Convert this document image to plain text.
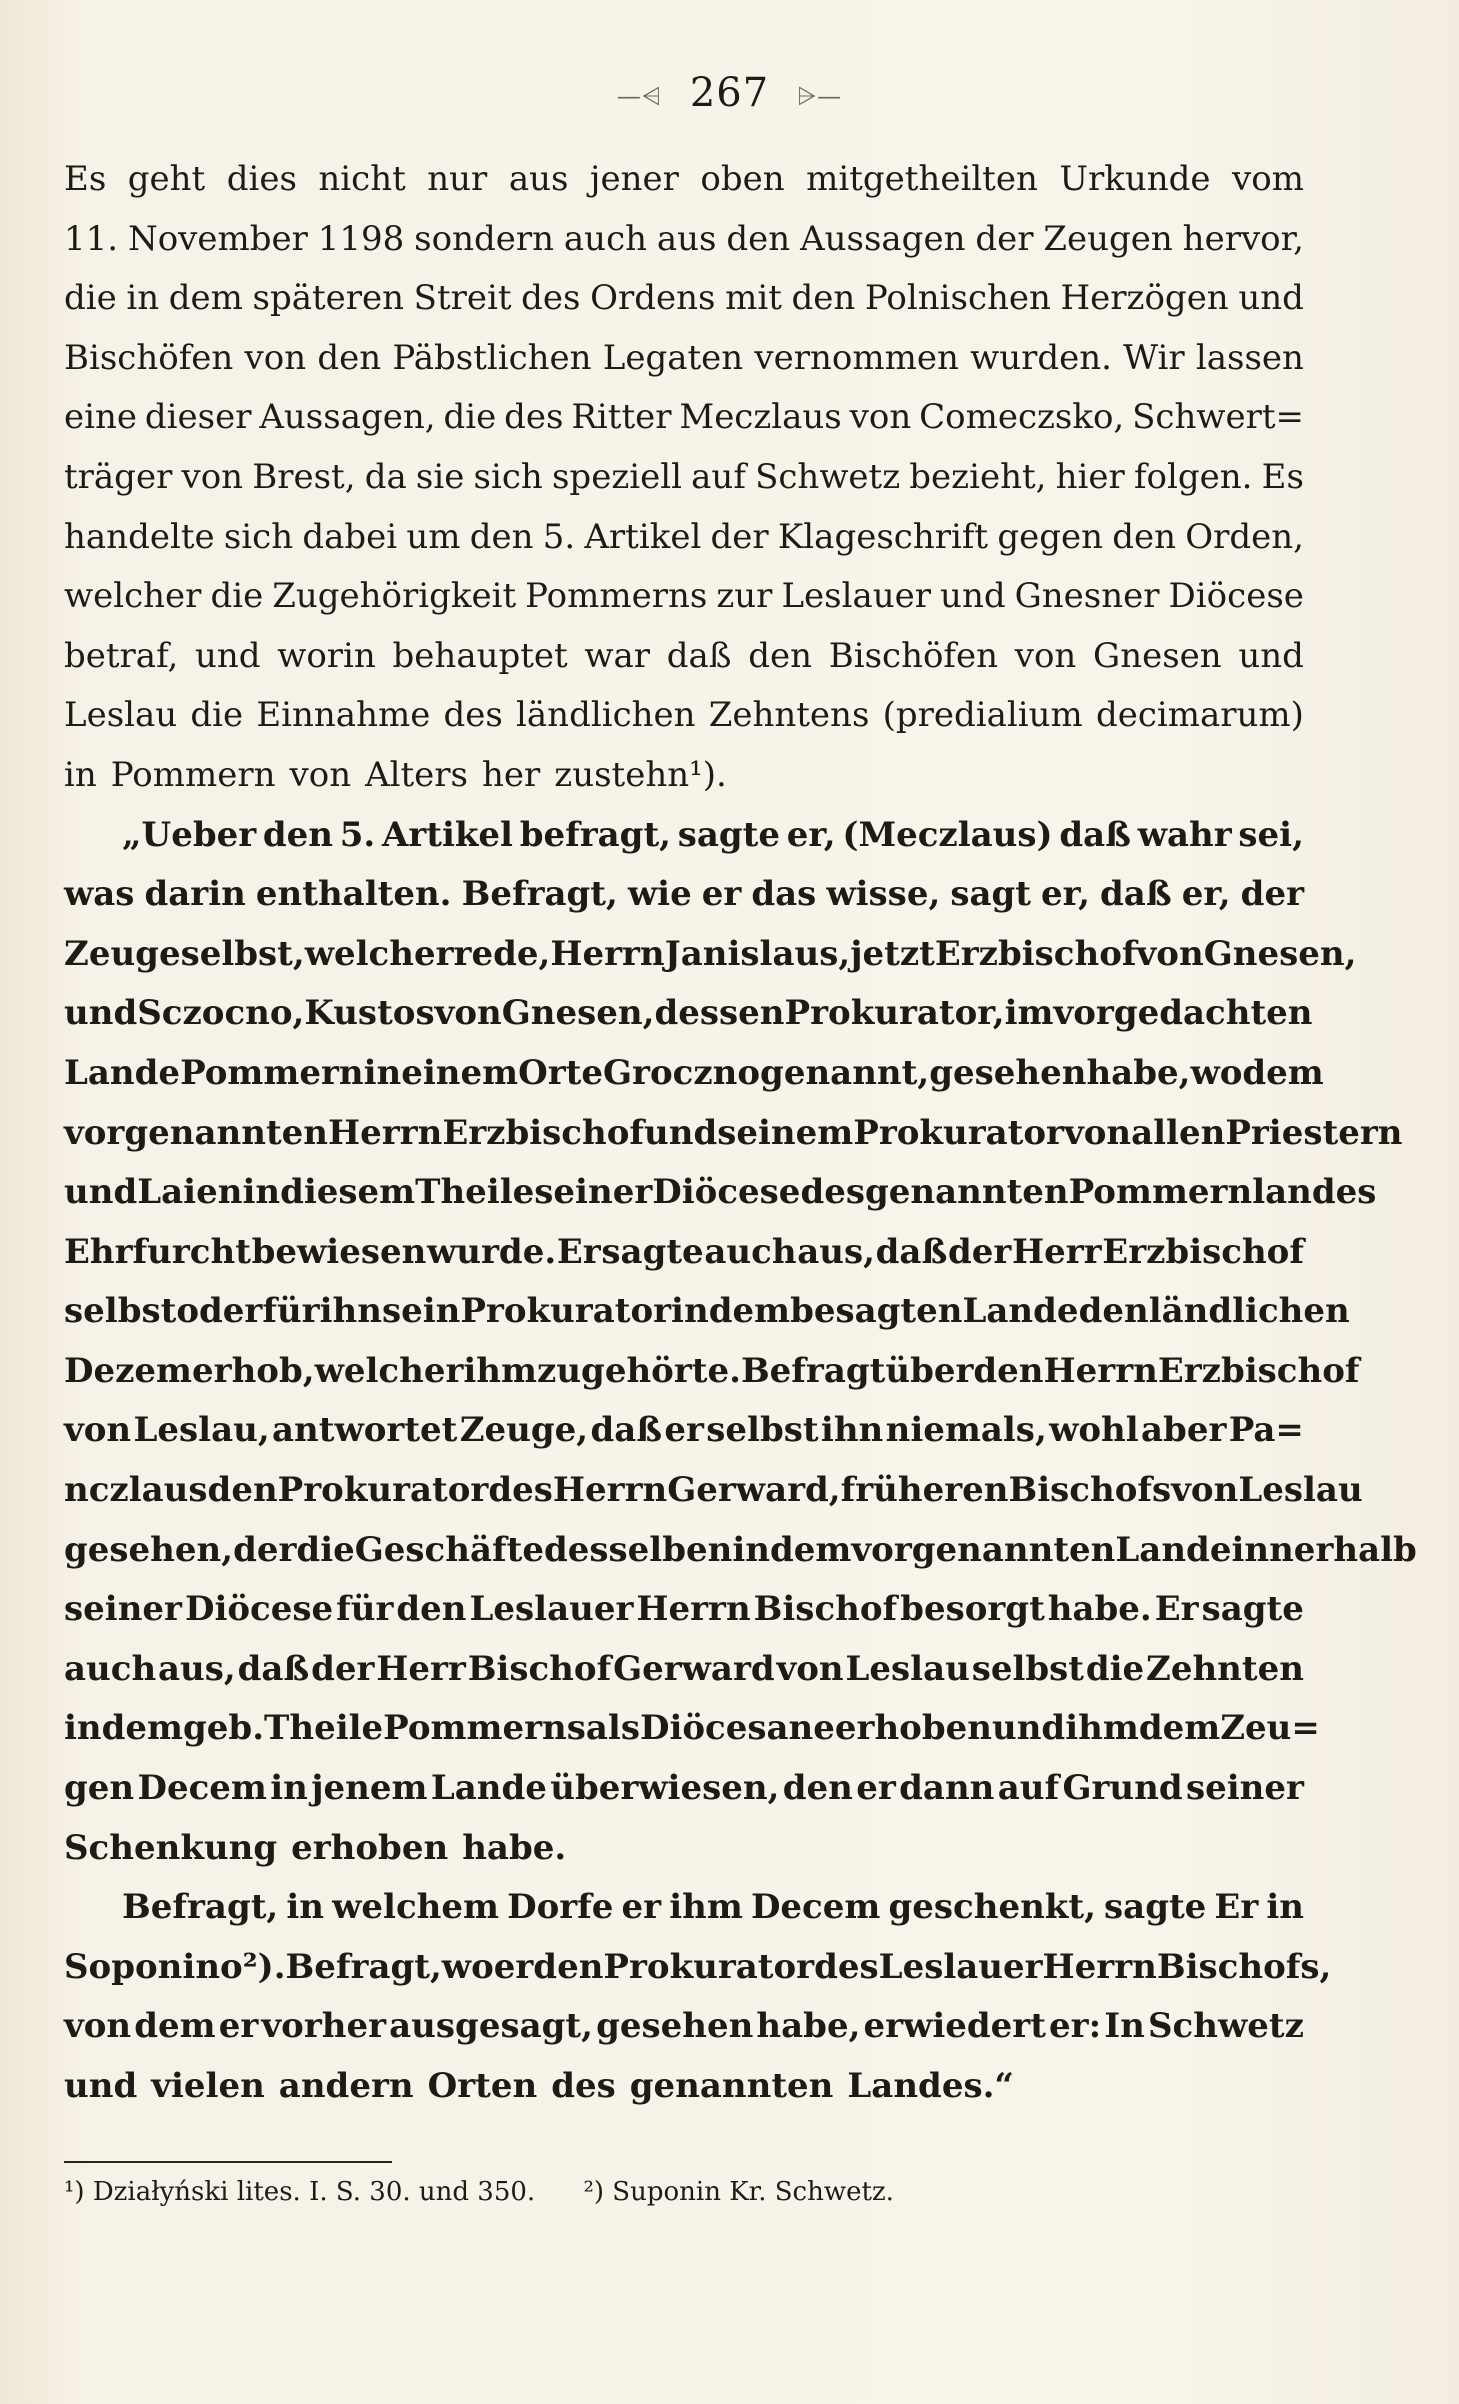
—⩤ 267 ⩥—
Es geht dies nicht nur aus jener oben mitgetheilten Urkunde vom
11. November 1198 sondern auch aus den Aussagen der Zeugen hervor,
die in dem späteren Streit des Ordens mit den Polnischen Herzögen und
Bischöfen von den Päbstlichen Legaten vernommen wurden. Wir lassen
eine dieser Aussagen, die des Ritter Meczlaus von Comeczsko, Schwert=
träger von Brest, da sie sich speziell auf Schwetz bezieht, hier folgen. Es
handelte sich dabei um den 5. Artikel der Klageschrift gegen den Orden,
welcher die Zugehörigkeit Pommerns zur Leslauer und Gnesner Diöcese
betraf, und worin behauptet war daß den Bischöfen von Gnesen und
Leslau die Einnahme des ländlichen Zehntens (predialium decimarum)
in Pommern von Alters her zustehn¹).
„Ueber den 5. Artikel befragt, sagte er, (Meczlaus) daß wahr sei,
was darin enthalten. Befragt, wie er das wisse, sagt er, daß er, der
Zeuge selbst, welcher rede, Herrn Janislaus, jetzt Erzbischof von Gnesen,
und Sczocno, Kustos von Gnesen, dessen Prokurator, im vorgedachten
Lande Pommern in einem Orte Groczno genannt, gesehen habe, wo dem
vorgenannten Herrn Erzbischof und seinem Prokurator von allen Priestern
und Laien in diesem Theile seiner Diöcese des genannten Pommernlandes
Ehrfurcht bewiesen wurde. Er sagte auch aus, daß der Herr Erzbischof
selbst oder für ihn sein Prokurator in dem besagten Lande den ländlichen
Dezem erhob, welcher ihm zugehörte. Befragt über den Herrn Erzbischof
von Leslau, antwortet Zeuge, daß er selbst ihn niemals, wohl aber Pa=
nczlaus den Prokurator des Herrn Gerward, früheren Bischofs von Leslau
gesehen, der die Geschäfte desselben in dem vorgenannten Lande innerhalb
seiner Diöcese für den Leslauer Herrn Bischof besorgt habe. Er sagte
auch aus, daß der Herr Bischof Gerward von Leslau selbst die Zehnten
in dem geb. Theile Pommerns als Diöcesane erhoben und ihm dem Zeu=
gen Decem in jenem Lande überwiesen, den er dann auf Grund seiner
Schenkung erhoben habe.
Befragt, in welchem Dorfe er ihm Decem geschenkt, sagte Er in
Soponino²). Befragt, wo er den Prokurator des Leslauer Herrn Bischofs,
von dem er vorher ausgesagt, gesehen habe, erwiedert er: In Schwetz
und vielen andern Orten des genannten Landes.“
¹) Działyński lites. I. S. 30. und 350. ²) Suponin Kr. Schwetz.
